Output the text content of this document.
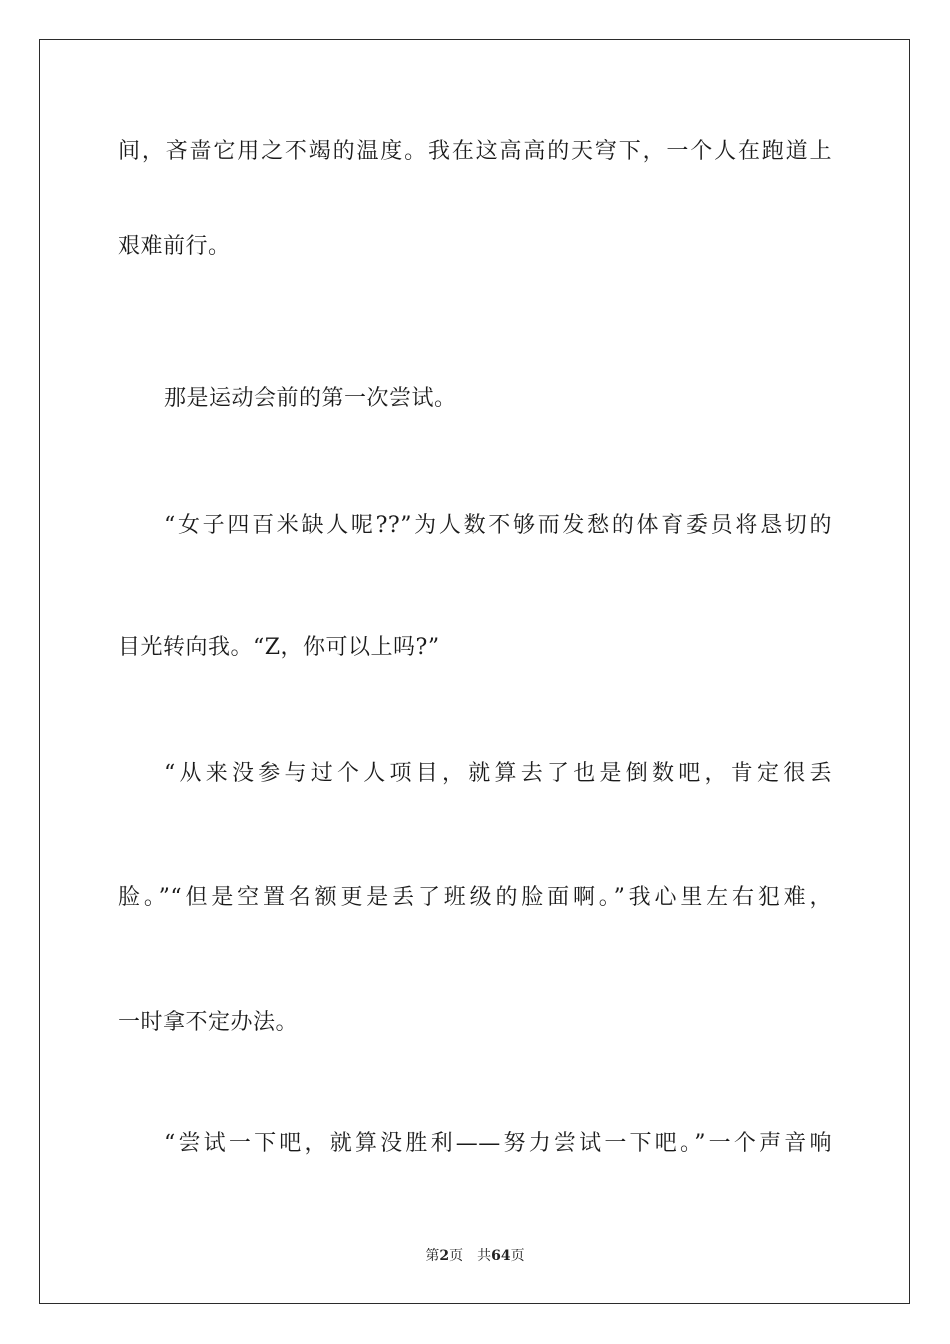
间，吝啬它用之不竭的温度。我在这高高的天穹下，一个人在跑道上
艰难前行。
那是运动会前的第一次尝试。
“女子四百米缺人呢??”为人数不够而发愁的体育委员将恳切的
目光转向我。“Z，你可以上吗?”
“从来没参与过个人项目，就算去了也是倒数吧，肯定很丢
脸。”“但是空置名额更是丢了班级的脸面啊。”我心里左右犯难，
一时拿不定办法。
“尝试一下吧，就算没胜利——努力尝试一下吧。”一个声音响
第2页 共64页
